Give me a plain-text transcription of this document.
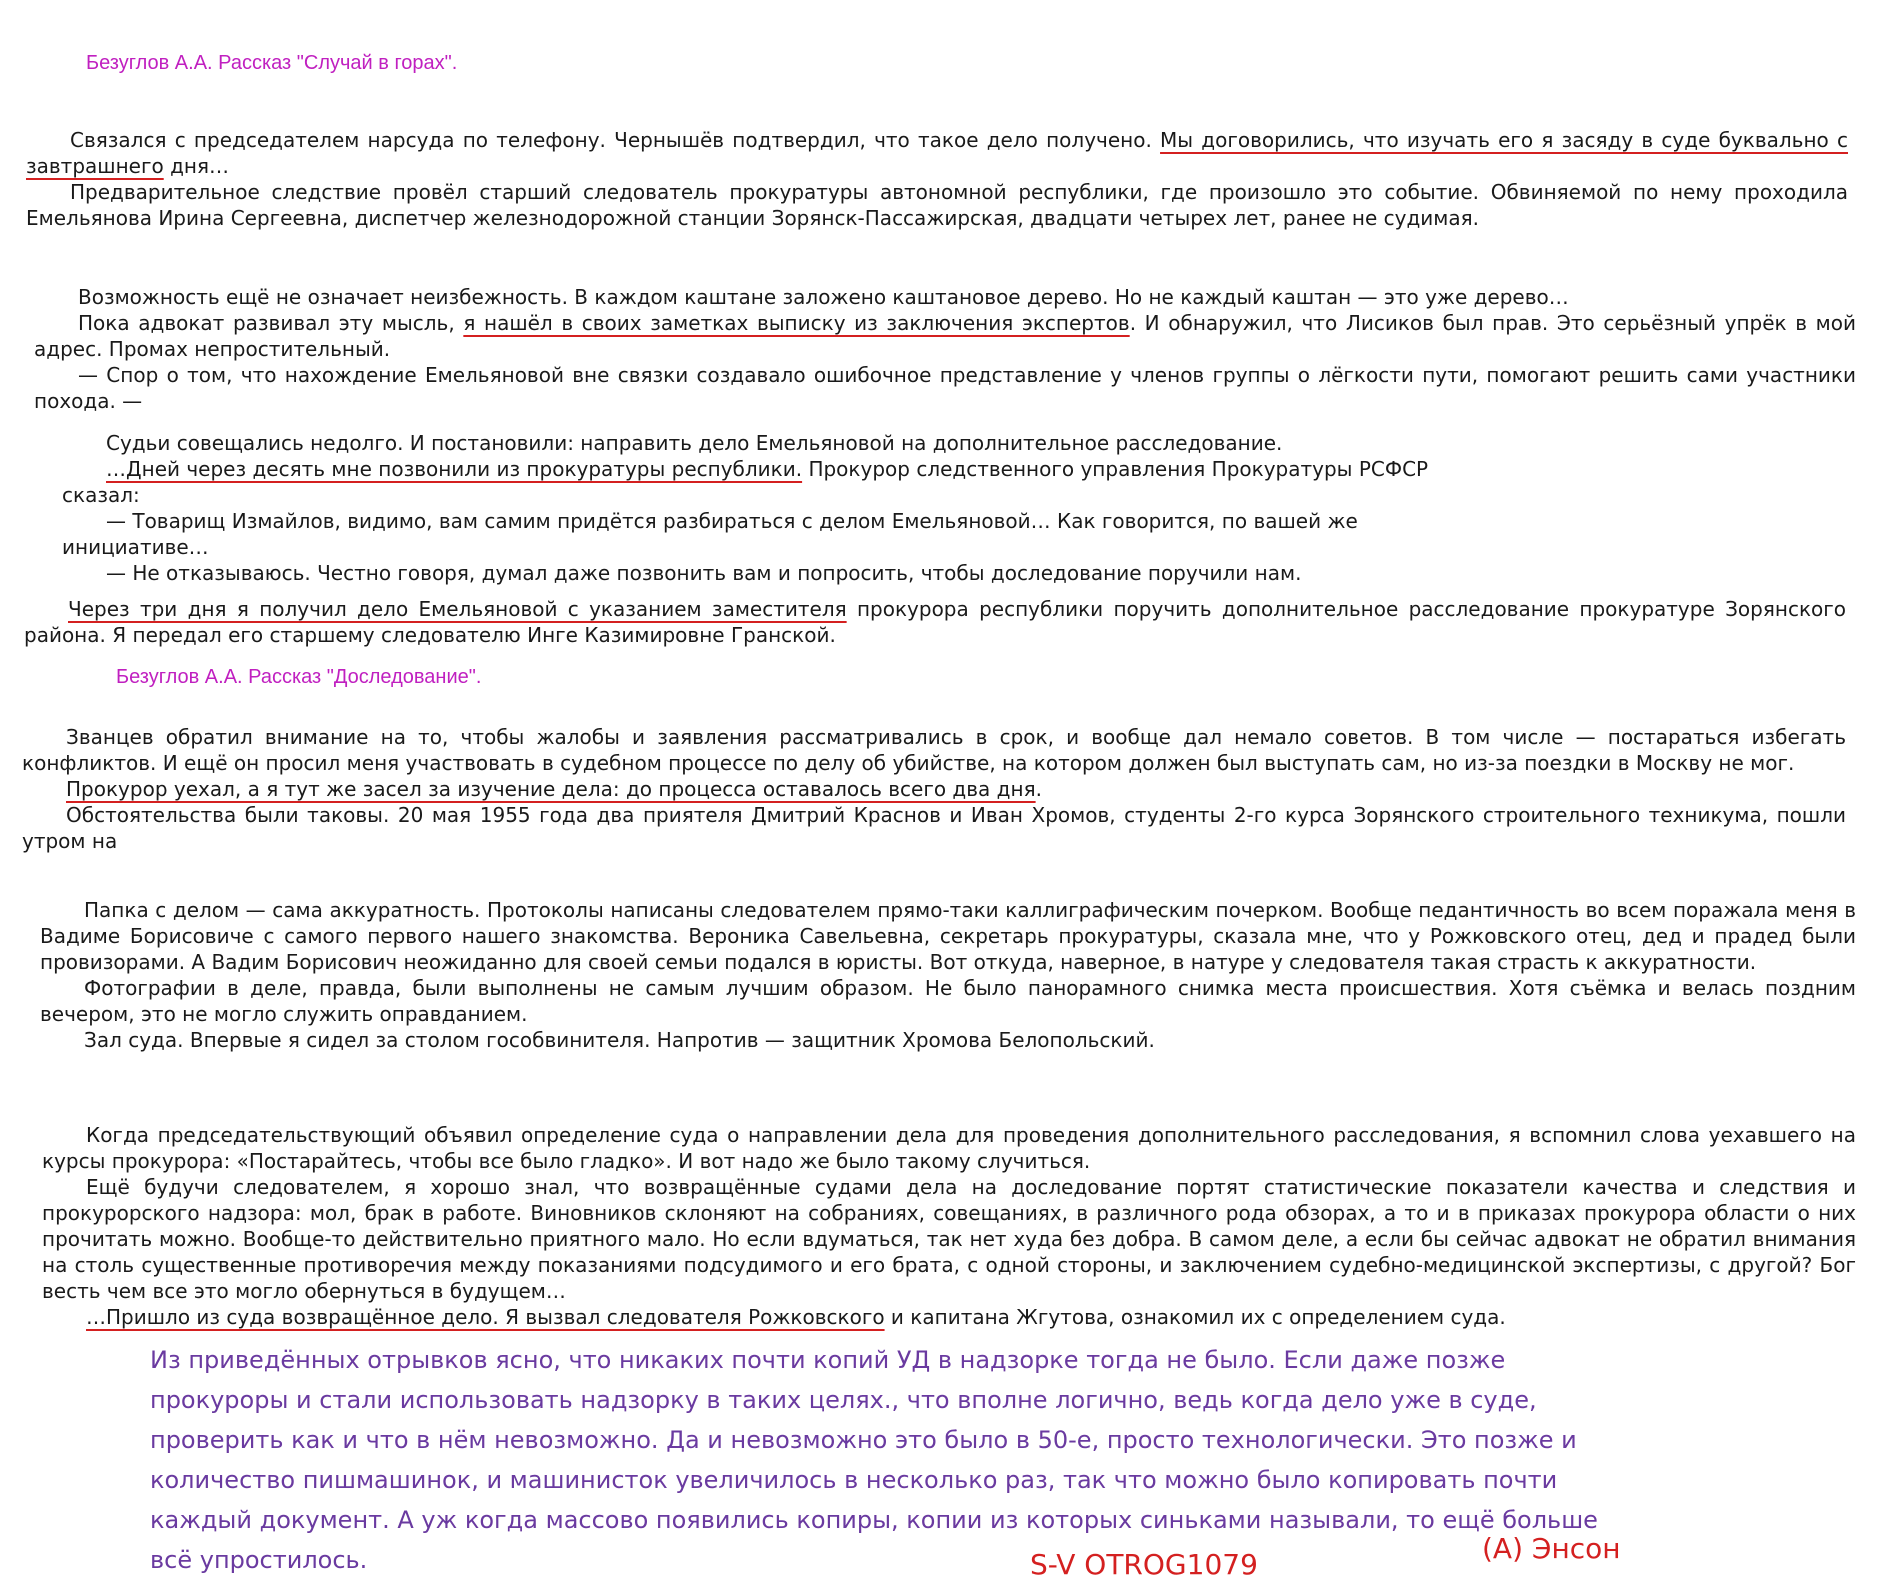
Безуглов А.А. Рассказ "Случай в горах".

Связался с председателем нарсуда по телефону. Чернышёв подтвердил, что такое дело получено. Мы договорились, что изучать его я засяду в суде буквально с завтрашнего дня…

Предварительное следствие провёл старший следователь прокуратуры автономной республики, где произошло это событие. Обвиняемой по нему проходила Емельянова Ирина Сергеевна, диспетчер железнодорожной станции Зорянск-Пассажирская, двадцати четырех лет, ранее не судимая.

Возможность ещё не означает неизбежность. В каждом каштане заложено каштановое дерево. Но не каждый каштан — это уже дерево…

Пока адвокат развивал эту мысль, я нашёл в своих заметках выписку из заключения экспертов. И обнаружил, что Лисиков был прав. Это серьёзный упрёк в мой адрес. Промах непростительный.

— Спор о том, что нахождение Емельяновой вне связки создавало ошибочное представление у членов группы о лёгкости пути, помогают решить сами участники похода. —

Судьи совещались недолго. И постановили: направить дело Емельяновой на дополнительное расследование.

…Дней через десять мне позвонили из прокуратуры республики. Прокурор следственного управления Прокуратуры РСФСР сказал:

— Товарищ Измайлов, видимо, вам самим придётся разбираться с делом Емельяновой… Как говорится, по вашей же инициативе…

— Не отказываюсь. Честно говоря, думал даже позвонить вам и попросить, чтобы доследование поручили нам.

Через три дня я получил дело Емельяновой с указанием заместителя прокурора республики поручить дополнительное расследование прокуратуре Зорянского района. Я передал его старшему следователю Инге Казимировне Гранской.

Безуглов А.А. Рассказ "Доследование".

Званцев обратил внимание на то, чтобы жалобы и заявления рассматривались в срок, и вообще дал немало советов. В том числе — постараться избегать конфликтов. И ещё он просил меня участвовать в судебном процессе по делу об убийстве, на котором должен был выступать сам, но из-за поездки в Москву не мог.

Прокурор уехал, а я тут же засел за изучение дела: до процесса оставалось всего два дня.

Обстоятельства были таковы. 20 мая 1955 года два приятеля Дмитрий Краснов и Иван Хромов, студенты 2-го курса Зорянского строительного техникума, пошли утром на

Папка с делом — сама аккуратность. Протоколы написаны следователем прямо-таки каллиграфическим почерком. Вообще педантичность во всем поражала меня в Вадиме Борисовиче с самого первого нашего знакомства. Вероника Савельевна, секретарь прокуратуры, сказала мне, что у Рожковского отец, дед и прадед были провизорами. А Вадим Борисович неожиданно для своей семьи подался в юристы. Вот откуда, наверное, в натуре у следователя такая страсть к аккуратности.

Фотографии в деле, правда, были выполнены не самым лучшим образом. Не было панорамного снимка места происшествия. Хотя съёмка и велась поздним вечером, это не могло служить оправданием.

Зал суда. Впервые я сидел за столом гособвинителя. Напротив — защитник Хромова Белопольский.

Когда председательствующий объявил определение суда о направлении дела для проведения дополнительного расследования, я вспомнил слова уехавшего на курсы прокурора: «Постарайтесь, чтобы все было гладко». И вот надо же было такому случиться.

Ещё будучи следователем, я хорошо знал, что возвращённые судами дела на доследование портят статистические показатели качества и следствия и прокурорского надзора: мол, брак в работе. Виновников склоняют на собраниях, совещаниях, в различного рода обзорах, а то и в приказах прокурора области о них прочитать можно. Вообще-то действительно приятного мало. Но если вдуматься, так нет худа без добра. В самом деле, а если бы сейчас адвокат не обратил внимания на столь существенные противоречия между показаниями подсудимого и его брата, с одной стороны, и заключением судебно-медицинской экспертизы, с другой? Бог весть чем все это могло обернуться в будущем…

…Пришло из суда возвращённое дело. Я вызвал следователя Рожковского и капитана Жгутова, ознакомил их с определением суда.

Из приведённых отрывков ясно, что никаких почти копий УД в надзорке тогда не было. Если даже позже прокуроры и стали использовать надзорку в таких целях., что вполне логично, ведь когда дело уже в суде, проверить как и что в нём невозможно. Да и невозможно это было в 50-е, просто технологически. Это позже и количество пишмашинок, и машинисток увеличилось в несколько раз, так что можно было копировать почти каждый документ. А уж когда массово появились копиры, копии из которых синьками называли, то ещё больше всё упростилось.	(А) Энсон
S-V OTROG1079
